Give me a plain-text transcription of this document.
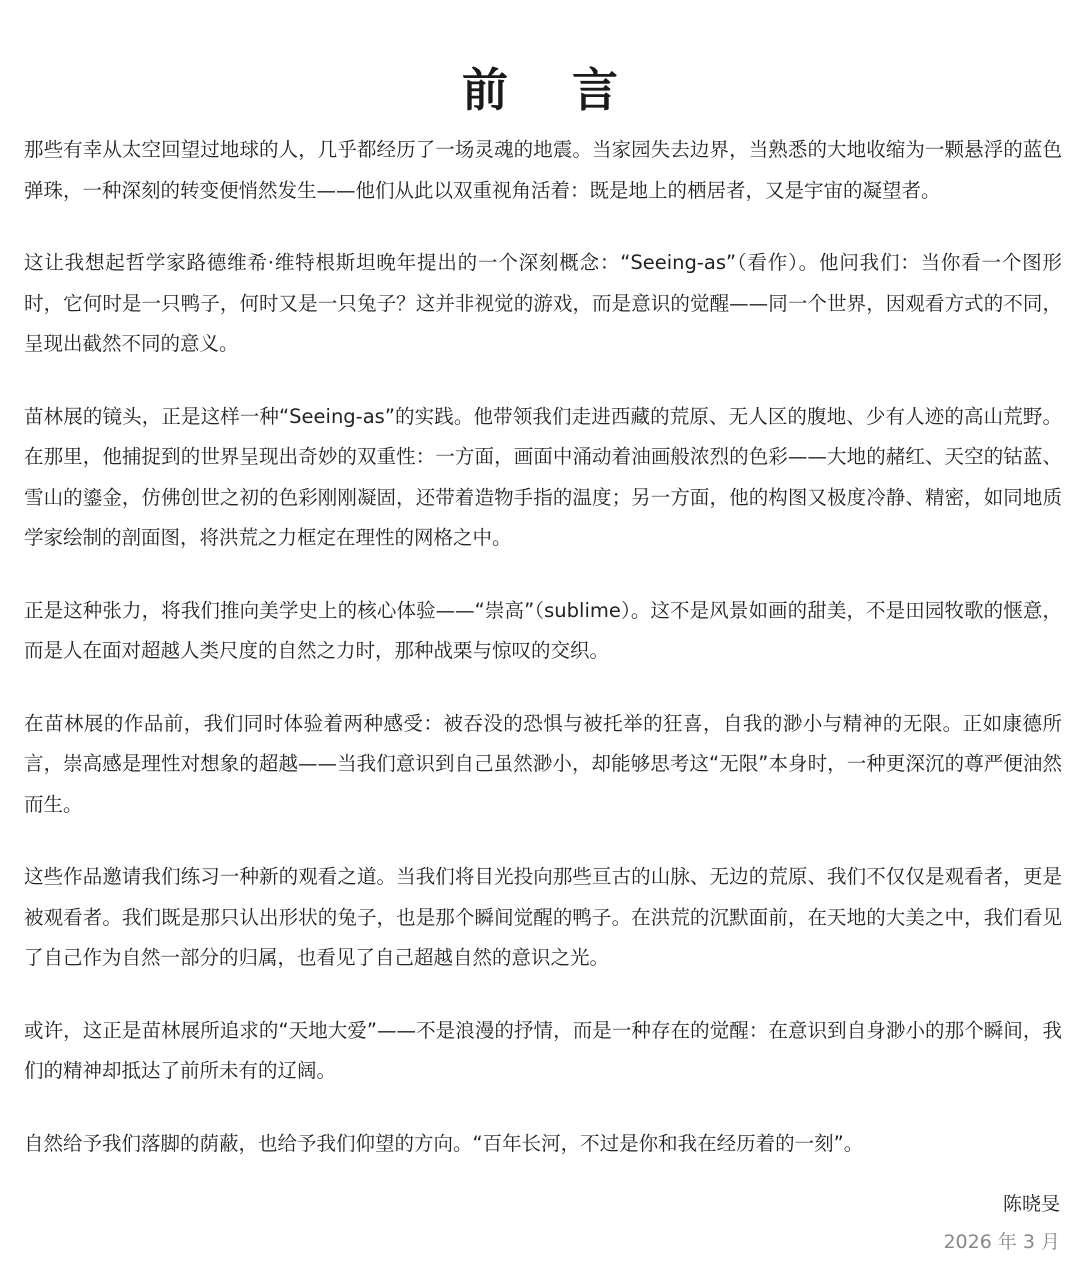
前 言

那些有幸从太空回望过地球的人，几乎都经历了一场灵魂的地震。当家园失去边界，当熟悉的大地收缩为一颗悬浮的蓝色弹珠，一种深刻的转变便悄然发生——他们从此以双重视角活着：既是地上的栖居者，又是宇宙的凝望者。

这让我想起哲学家路德维希·维特根斯坦晚年提出的一个深刻概念：“Seeing-as”（看作）。他问我们：当你看一个图形时，它何时是一只鸭子，何时又是一只兔子？这并非视觉的游戏，而是意识的觉醒——同一个世界，因观看方式的不同，呈现出截然不同的意义。

苗林展的镜头，正是这样一种“Seeing-as”的实践。他带领我们走进西藏的荒原、无人区的腹地、少有人迹的高山荒野。在那里，他捕捉到的世界呈现出奇妙的双重性：一方面，画面中涌动着油画般浓烈的色彩——大地的赭红、天空的钴蓝、雪山的鎏金，仿佛创世之初的色彩刚刚凝固，还带着造物手指的温度；另一方面，他的构图又极度冷静、精密，如同地质学家绘制的剖面图，将洪荒之力框定在理性的网格之中。

正是这种张力，将我们推向美学史上的核心体验——“崇高”（sublime）。这不是风景如画的甜美，不是田园牧歌的惬意，而是人在面对超越人类尺度的自然之力时，那种战栗与惊叹的交织。

在苗林展的作品前，我们同时体验着两种感受：被吞没的恐惧与被托举的狂喜，自我的渺小与精神的无限。正如康德所言，崇高感是理性对想象的超越——当我们意识到自己虽然渺小，却能够思考这“无限”本身时，一种更深沉的尊严便油然而生。

这些作品邀请我们练习一种新的观看之道。当我们将目光投向那些亘古的山脉、无边的荒原、我们不仅仅是观看者，更是被观看者。我们既是那只认出形状的兔子，也是那个瞬间觉醒的鸭子。在洪荒的沉默面前，在天地的大美之中，我们看见了自己作为自然一部分的归属，也看见了自己超越自然的意识之光。

或许，这正是苗林展所追求的“天地大爱”——不是浪漫的抒情，而是一种存在的觉醒：在意识到自身渺小的那个瞬间，我们的精神却抵达了前所未有的辽阔。

自然给予我们落脚的荫蔽，也给予我们仰望的方向。“百年长河，不过是你和我在经历着的一刻”。

陈晓旻
2026 年 3 月
